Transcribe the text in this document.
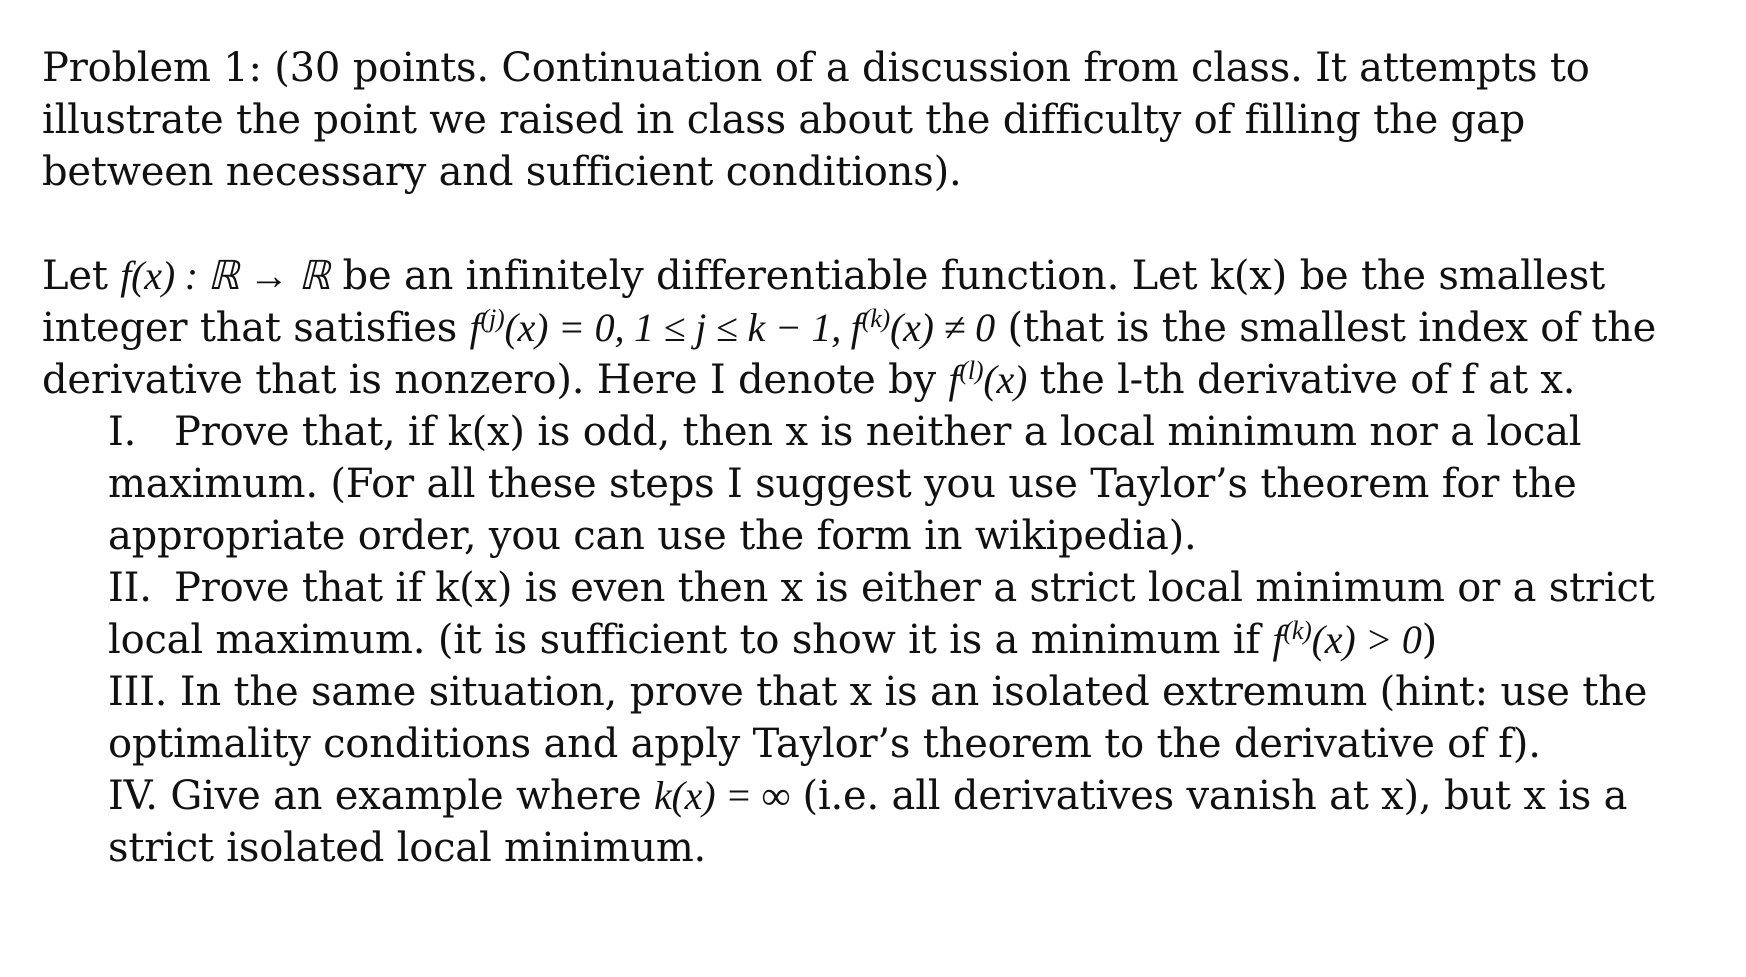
Problem 1: (30 points. Continuation of a discussion from class. It attempts to illustrate the point we raised in class about the difficulty of filling the gap between necessary and sufficient conditions).

Let f(x) : ℝ → ℝ be an infinitely differentiable function. Let k(x) be the smallest integer that satisfies $f^{(j)}(x) = 0$, 1 ≤ j ≤ k − 1, $f^{(k)}(x) \ne 0$ (that is the smallest index of the derivative that is nonzero). Here I denote by $f^{(l)}(x)$ the l-th derivative of f at x.

I. Prove that, if k(x) is odd, then x is neither a local minimum nor a local maximum. (For all these steps I suggest you use Taylor’s theorem for the appropriate order, you can use the form in wikipedia).
II. Prove that if k(x) is even then x is either a strict local minimum or a strict local maximum. (it is sufficient to show it is a minimum if $f^{(k)}(x) > 0$)
III. In the same situation, prove that x is an isolated extremum (hint: use the optimality conditions and apply Taylor’s theorem to the derivative of f).
IV. Give an example where k(x) = ∞ (i.e. all derivatives vanish at x), but x is a strict isolated local minimum.
